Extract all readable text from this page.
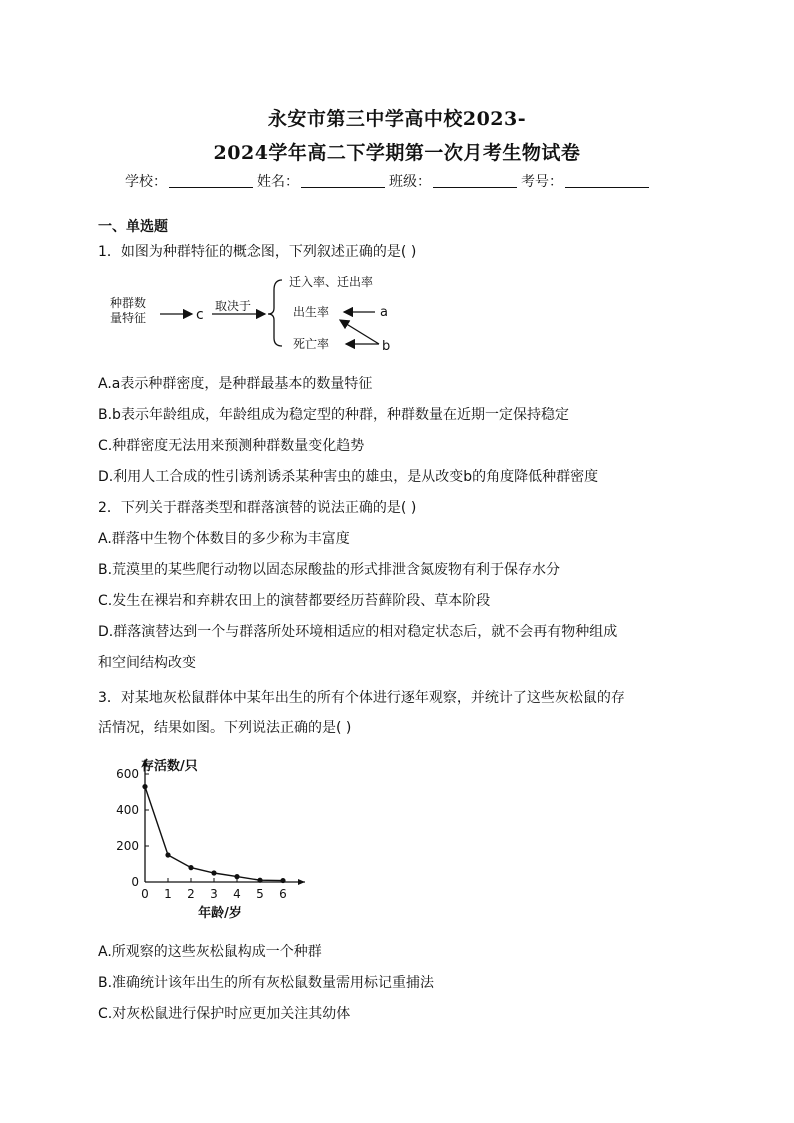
永安市第三中学高中校2023-
2024学年高二下学期第一次月考生物试卷
学校：	姓名：	班级：	考号：
一、单选题
1．如图为种群特征的概念图，下列叙述正确的是( )
种群数
量特征	c
取决于
迁入率、迁出率
出生率
死亡率
a
b
A.a表示种群密度，是种群最基本的数量特征
B.b表示年龄组成，年龄组成为稳定型的种群，种群数量在近期一定保持稳定
C.种群密度无法用来预测种群数量变化趋势
D.利用人工合成的性引诱剂诱杀某种害虫的雄虫，是从改变b的角度降低种群密度
2．下列关于群落类型和群落演替的说法正确的是( )
A.群落中生物个体数目的多少称为丰富度
B.荒漠里的某些爬行动物以固态尿酸盐的形式排泄含氮废物有利于保存水分
C.发生在裸岩和弃耕农田上的演替都要经历苔藓阶段、草本阶段
D.群落演替达到一个与群落所处环境相适应的相对稳定状态后，就不会再有物种组成
和空间结构改变
3．对某地灰松鼠群体中某年出生的所有个体进行逐年观察，并统计了这些灰松鼠的存
活情况，结果如图。下列说法正确的是( )
0
200
400
600
0 1 2 3 4 5 6
存活数/只
年龄/岁
A.所观察的这些灰松鼠构成一个种群
B.准确统计该年出生的所有灰松鼠数量需用标记重捕法
C.对灰松鼠进行保护时应更加关注其幼体
